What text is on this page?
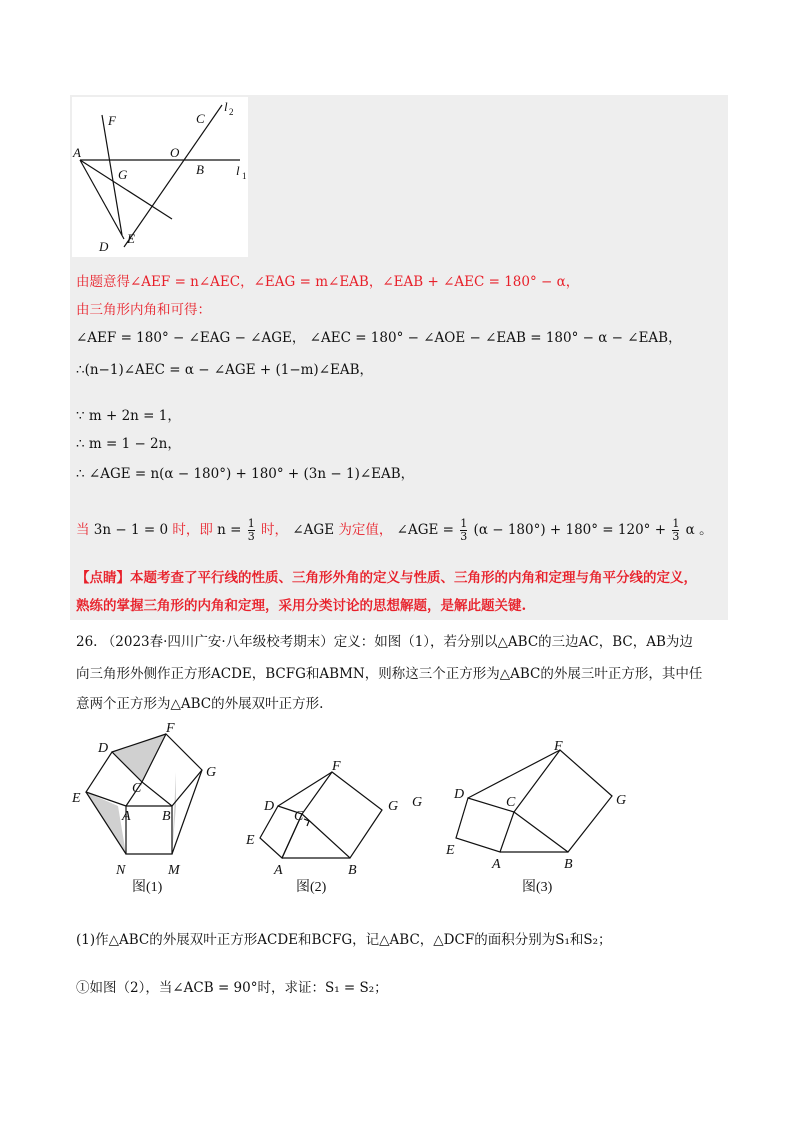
F	C
l 2
A	O
B l 1
G
D
E
由题意得∠AEF = n∠AEC，∠EAG = m∠EAB，∠EAB + ∠AEC = 180° − α，
由三角形内角和可得：
∠AEF = 180° − ∠EAG − ∠AGE， ∠AEC = 180° − ∠AOE − ∠EAB = 180° − α − ∠EAB，
∴(n−1)∠AEC = α − ∠AGE + (1−m)∠EAB，
∵ m + 2n = 1，
∴ m = 1 − 2n，
∴ ∠AGE = n(α − 180°) + 180° + (3n − 1)∠EAB，
当 3n − 1 = 0 时，即 $n = \frac{1}{3}$ 时， ∠AGE 为定值， ∠AGE = $\frac{1}{3} (\alpha - 180^\circ) + 180^\circ = 120^\circ + \frac{1}{3}$ α 。
【点睛】本题考查了平行线的性质、三角形外角的定义与性质、三角形的内角和定理与角平分线的定义，
熟练的掌握三角形的内角和定理，采用分类讨论的思想解题，是解此题关键.
26. （2023春·四川广安·八年级校考期末）定义：如图（1），若分别以△ABC的三边AC，BC，AB为边
向三角形外侧作正方形ACDE，BCFG和ABMN，则称这三个正方形为△ABC的外展三叶正方形，其中任
意两个正方形为△ABC的外展双叶正方形.
D
F
G
E
C
A B
N	M
F
D	G G
C
E
A	B
F
D
C	G
E
A	B
图(1)	图(2)	图(3)
(1)作△ABC的外展双叶正方形ACDE和BCFG，记△ABC，△DCF的面积分别为S₁和S₂；
①如图（2），当∠ACB = 90°时，求证：S₁ = S₂；
